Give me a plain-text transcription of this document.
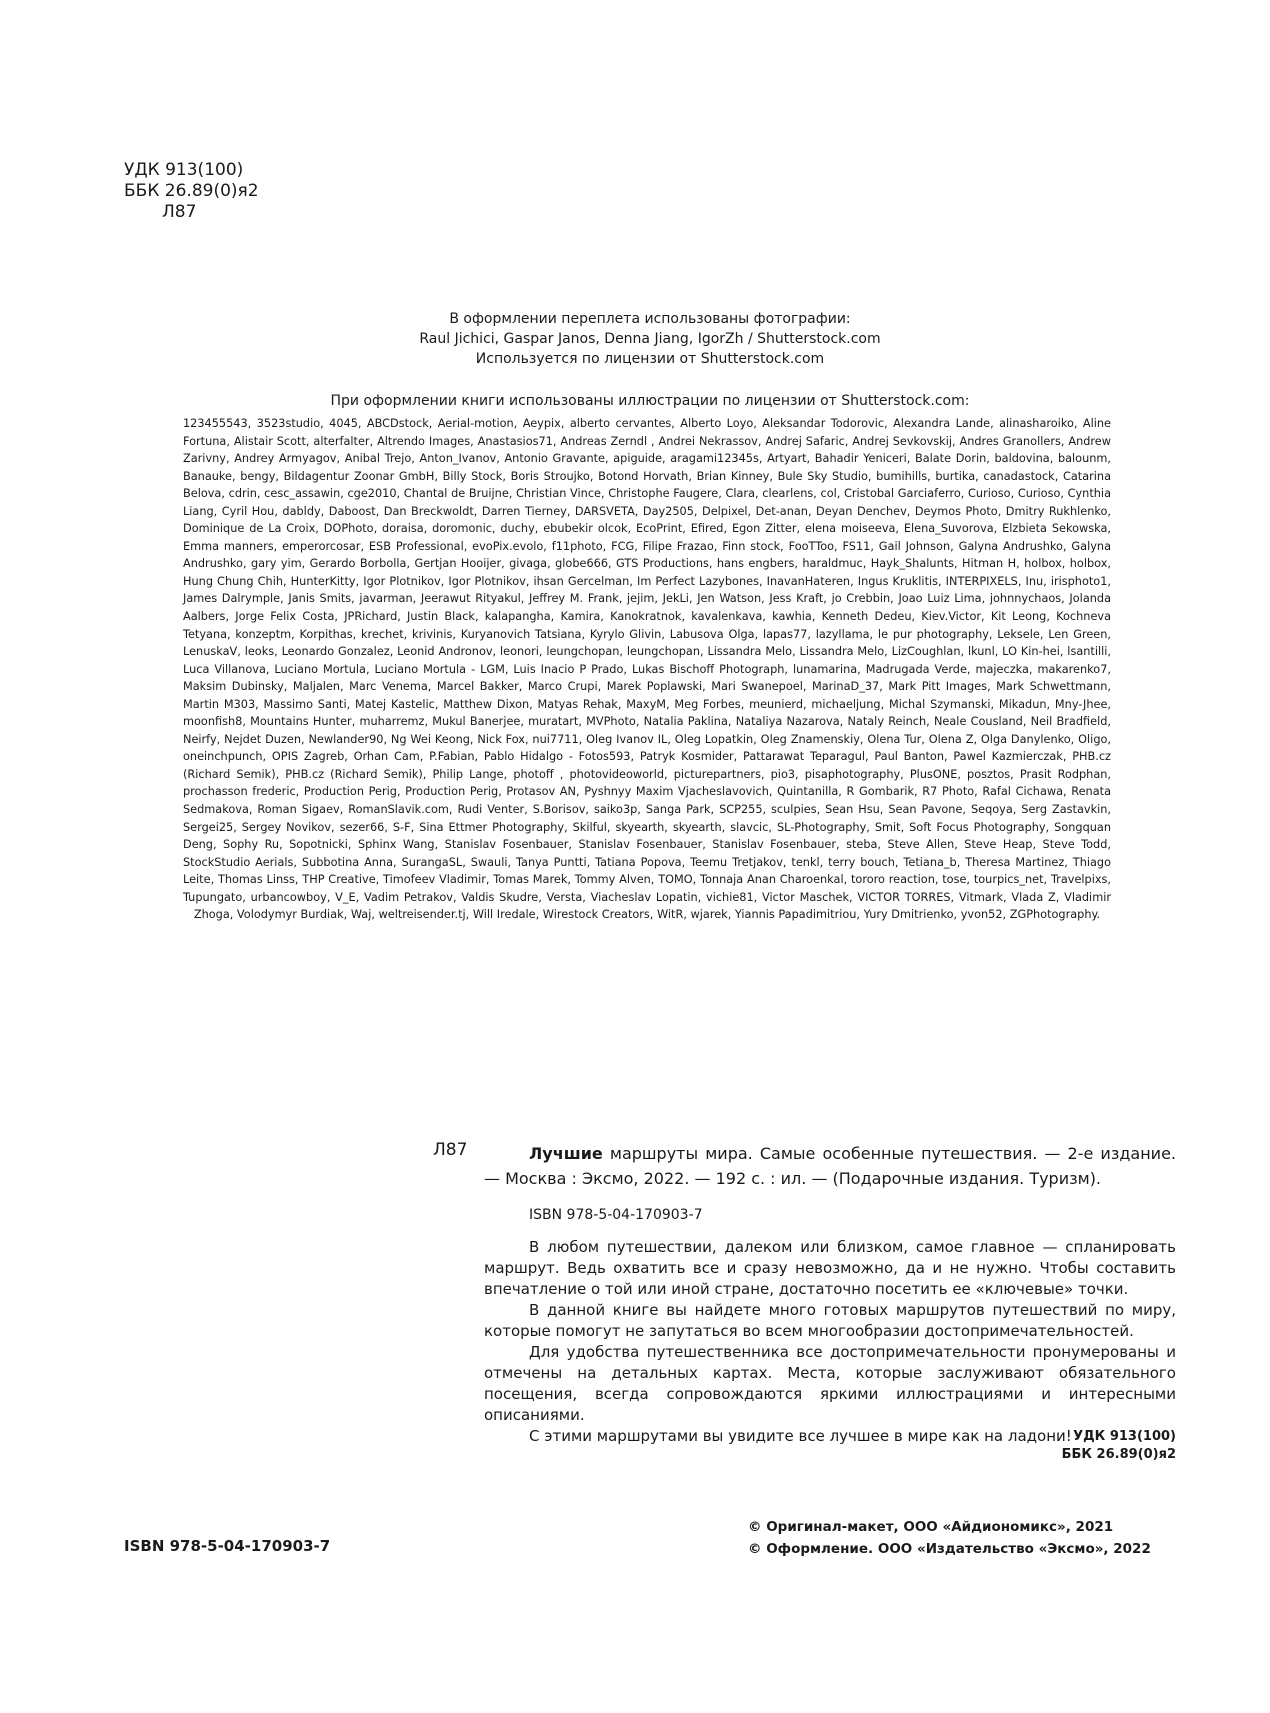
УДК 913(100)
ББК 26.89(0)я2
Л87
В оформлении переплета использованы фотографии:
Raul Jichici, Gaspar Janos, Denna Jiang, IgorZh / Shutterstock.com
Используется по лицензии от Shutterstock.com
При оформлении книги использованы иллюстрации по лицензии от Shutterstock.com:
123455543, 3523studio, 4045, ABCDstock, Aerial-motion, Aeypix, alberto cervantes, Alberto Loyo, Aleksandar Todorovic, Alexandra Lande, alinasharoiko, Aline Fortuna, Alistair Scott, alterfalter, Altrendo Images, Anastasios71, Andreas Zerndl , Andrei Nekrassov, Andrej Safaric, Andrej Sevkovskij, Andres Granollers, Andrew Zarivny, Andrey Armyagov, Anibal Trejo, Anton_Ivanov, Antonio Gravante, apiguide, aragami12345s, Artyart, Bahadir Yeniceri, Balate Dorin, baldovina, balounm, Banauke, bengy, Bildagentur Zoonar GmbH, Billy Stock, Boris Stroujko, Botond Horvath, Brian Kinney, Bule Sky Studio, bumihills, burtika, canadastock, Catarina Belova, cdrin, cesc_assawin, cge2010, Chantal de Bruijne, Christian Vince, Christophe Faugere, Clara, clearlens, col, Cristobal Garciaferro, Curioso, Curioso, Cynthia Liang, Cyril Hou, dabldy, Daboost, Dan Breckwoldt, Darren Tierney, DARSVETA, Day2505, Delpixel, Det-anan, Deyan Denchev, Deymos Photo, Dmitry Rukhlenko, Dominique de La Croix, DOPhoto, doraisa, doromonic, duchy, ebubekir olcok, EcoPrint, Efired, Egon Zitter, elena moiseeva, Elena_Suvorova, Elzbieta Sekowska, Emma manners, emperorcosar, ESB Professional, evoPix.evolo, f11photo, FCG, Filipe Frazao, Finn stock, FooTToo, FS11, Gail Johnson, Galyna Andrushko, Galyna Andrushko, gary yim, Gerardo Borbolla, Gertjan Hooijer, givaga, globe666, GTS Productions, hans engbers, haraldmuc, Hayk_Shalunts, Hitman H, holbox, holbox, Hung Chung Chih, HunterKitty, Igor Plotnikov, Igor Plotnikov, ihsan Gercelman, Im Perfect Lazybones, InavanHateren, Ingus Kruklitis, INTERPIXELS, Inu, irisphoto1, James Dalrymple, Janis Smits, javarman, Jeerawut Rityakul, Jeffrey M. Frank, jejim, JekLi, Jen Watson, Jess Kraft, jo Crebbin, Joao Luiz Lima, johnnychaos, Jolanda Aalbers, Jorge Felix Costa, JPRichard, Justin Black, kalapangha, Kamira, Kanokratnok, kavalenkava, kawhia, Kenneth Dedeu, Kiev.Victor, Kit Leong, Kochneva Tetyana, konzeptm, Korpithas, krechet, krivinis, Kuryanovich Tatsiana, Kyrylo Glivin, Labusova Olga, lapas77, lazyllama, le pur photography, Leksele, Len Green, LenuskaV, leoks, Leonardo Gonzalez, Leonid Andronov, leonori, leungchopan, leungchopan, Lissandra Melo, Lissandra Melo, LizCoughlan, lkunl, LO Kin-hei, lsantilli, Luca Villanova, Luciano Mortula, Luciano Mortula - LGM, Luis Inacio P Prado, Lukas Bischoff Photograph, lunamarina, Madrugada Verde, majeczka, makarenko7, Maksim Dubinsky, Maljalen, Marc Venema, Marcel Bakker, Marco Crupi, Marek Poplawski, Mari Swanepoel, MarinaD_37, Mark Pitt Images, Mark Schwettmann, Martin M303, Massimo Santi, Matej Kastelic, Matthew Dixon, Matyas Rehak, MaxyM, Meg Forbes, meunierd, michaeljung, Michal Szymanski, Mikadun, Mny-Jhee, moonfish8, Mountains Hunter, muharremz, Mukul Banerjee, muratart, MVPhoto, Natalia Paklina, Nataliya Nazarova, Nataly Reinch, Neale Cousland, Neil Bradfield, Neirfy, Nejdet Duzen, Newlander90, Ng Wei Keong, Nick Fox, nui7711, Oleg Ivanov IL, Oleg Lopatkin, Oleg Znamenskiy, Olena Tur, Olena Z, Olga Danylenko, Oligo, oneinchpunch, OPIS Zagreb, Orhan Cam, P.Fabian, Pablo Hidalgo - Fotos593, Patryk Kosmider, Pattarawat Teparagul, Paul Banton, Pawel Kazmierczak, PHB.cz (Richard Semik), PHB.cz (Richard Semik), Philip Lange, photoff , photovideoworld, picturepartners, pio3, pisaphotography, PlusONE, posztos, Prasit Rodphan, prochasson frederic, Production Perig, Production Perig, Protasov AN, Pyshnyy Maxim Vjacheslavovich, Quintanilla, R Gombarik, R7 Photo, Rafal Cichawa, Renata Sedmakova, Roman Sigaev, RomanSlavik.com, Rudi Venter, S.Borisov, saiko3p, Sanga Park, SCP255, sculpies, Sean Hsu, Sean Pavone, Seqoya, Serg Zastavkin, Sergei25, Sergey Novikov, sezer66, S-F, Sina Ettmer Photography, Skilful, skyearth, skyearth, slavcic, SL-Photography, Smit, Soft Focus Photography, Songquan Deng, Sophy Ru, Sopotnicki, Sphinx Wang, Stanislav Fosenbauer, Stanislav Fosenbauer, Stanislav Fosenbauer, steba, Steve Allen, Steve Heap, Steve Todd, StockStudio Aerials, Subbotina Anna, SurangaSL, Swauli, Tanya Puntti, Tatiana Popova, Teemu Tretjakov, tenkl, terry bouch, Tetiana_b, Theresa Martinez, Thiago Leite, Thomas Linss, THP Creative, Timofeev Vladimir, Tomas Marek, Tommy Alven, TOMO, Tonnaja Anan Charoenkal, tororo reaction, tose, tourpics_net, Travelpixs, Tupungato, urbancowboy, V_E, Vadim Petrakov, Valdis Skudre, Versta, Viacheslav Lopatin, vichie81, Victor Maschek, VICTOR TORRES, Vitmark, Vlada Z, Vladimir Zhoga, Volodymyr Burdiak, Waj, weltreisender.tj, Will Iredale, Wirestock Creators, WitR, wjarek, Yiannis Papadimitriou, Yury Dmitrienko, yvon52, ZGPhotography.
Л87	Лучшие маршруты мира. Самые особенные путешествия. — 2-е издание. — Москва : Эксмо, 2022. — 192 с. : ил. — (Подарочные издания. Туризм).
ISBN 978-5-04-170903-7

В любом путешествии, далеком или близком, самое главное — спланировать маршрут. Ведь охватить все и сразу невозможно, да и не нужно. Чтобы составить впечатление о той или иной стране, достаточно посетить ее «ключевые» точки.

В данной книге вы найдете много готовых маршрутов путешествий по миру, которые помогут не запутаться во всем многообразии достопримечательностей.

Для удобства путешественника все достопримечательности пронумерованы и отмечены на детальных картах. Места, которые заслуживают обязательного посещения, всегда сопровождаются яркими иллюстрациями и интересными описаниями.

С этими маршрутами вы увидите все лучшее в мире как на ладони! УДК 913(100)
ББК 26.89(0)я2
ISBN 978-5-04-170903-7
© Оригинал-макет, ООО «Айдиономикс», 2021
© Оформление. ООО «Издательство «Эксмо», 2022
